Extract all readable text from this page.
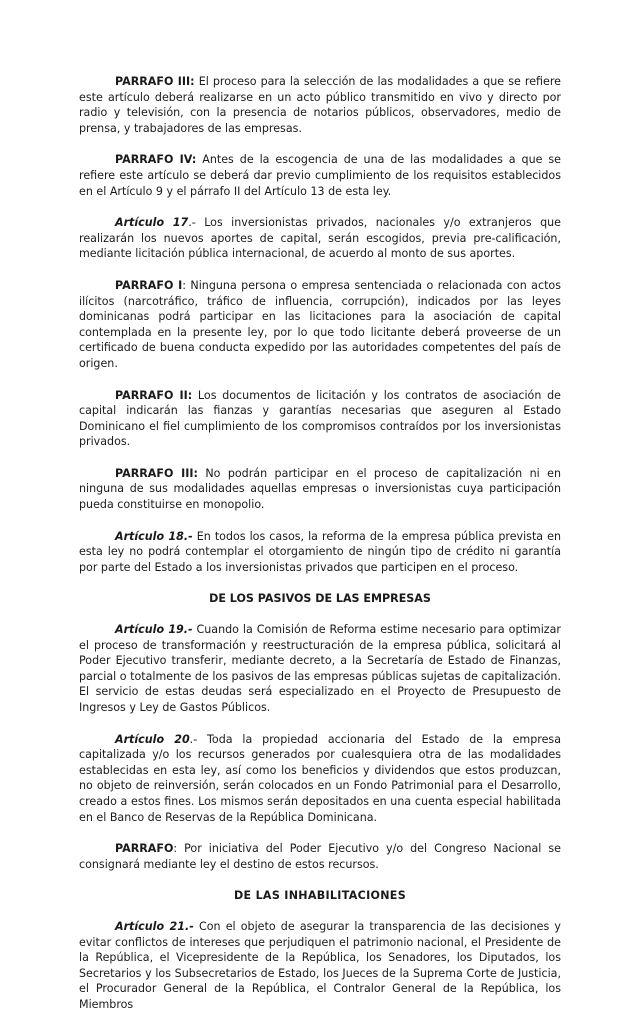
PARRAFO III: El proceso para la selección de las modalidades a que se refiere este artículo deberá realizarse en un acto público transmitido en vivo y directo por radio y televisión, con la presencia de notarios públicos, observadores, medio de prensa, y trabajadores de las empresas.

PARRAFO IV: Antes de la escogencia de una de las modalidades a que se refiere este artículo se deberá dar previo cumplimiento de los requisitos establecidos en el Artículo 9 y el párrafo II del Artículo 13 de esta ley.

Artículo 17.- Los inversionistas privados, nacionales y/o extranjeros que realizarán los nuevos aportes de capital, serán escogidos, previa pre-calificación, mediante licitación pública internacional, de acuerdo al monto de sus aportes.

PARRAFO I: Ninguna persona o empresa sentenciada o relacionada con actos ilícitos (narcotráfico, tráfico de influencia, corrupción), indicados por las leyes dominicanas podrá participar en las licitaciones para la asociación de capital contemplada en la presente ley, por lo que todo licitante deberá proveerse de un certificado de buena conducta expedido por las autoridades competentes del país de origen.

PARRAFO II: Los documentos de licitación y los contratos de asociación de capital indicarán las fianzas y garantías necesarias que aseguren al Estado Dominicano el fiel cumplimiento de los compromisos contraídos por los inversionistas privados.

PARRAFO III: No podrán participar en el proceso de capitalización ni en ninguna de sus modalidades aquellas empresas o inversionistas cuya participación pueda constituirse en monopolio.

Artículo 18.- En todos los casos, la reforma de la empresa pública prevista en esta ley no podrá contemplar el otorgamiento de ningún tipo de crédito ni garantía por parte del Estado a los inversionistas privados que participen en el proceso.

DE LOS PASIVOS DE LAS EMPRESAS

Artículo 19.- Cuando la Comisión de Reforma estime necesario para optimizar el proceso de transformación y reestructuración de la empresa pública, solicitará al Poder Ejecutivo transferir, mediante decreto, a la Secretaría de Estado de Finanzas, parcial o totalmente de los pasivos de las empresas públicas sujetas de capitalización. El servicio de estas deudas será especializado en el Proyecto de Presupuesto de Ingresos y Ley de Gastos Públicos.

Artículo 20.- Toda la propiedad accionaria del Estado de la empresa capitalizada y/o los recursos generados por cualesquiera otra de las modalidades establecidas en esta ley, así como los beneficios y dividendos que estos produzcan, no objeto de reinversión, serán colocados en un Fondo Patrimonial para el Desarrollo, creado a estos fines. Los mismos serán depositados en una cuenta especial habilitada en el Banco de Reservas de la República Dominicana.

PARRAFO: Por iniciativa del Poder Ejecutivo y/o del Congreso Nacional se consignará mediante ley el destino de estos recursos.

DE LAS INHABILITACIONES

Artículo 21.- Con el objeto de asegurar la transparencia de las decisiones y evitar conflictos de intereses que perjudiquen el patrimonio nacional, el Presidente de la República, el Vicepresidente de la República, los Senadores, los Diputados, los Secretarios y los Subsecretarios de Estado, los Jueces de la Suprema Corte de Justicia, el Procurador General de la República, el Contralor General de la República, los Miembros
